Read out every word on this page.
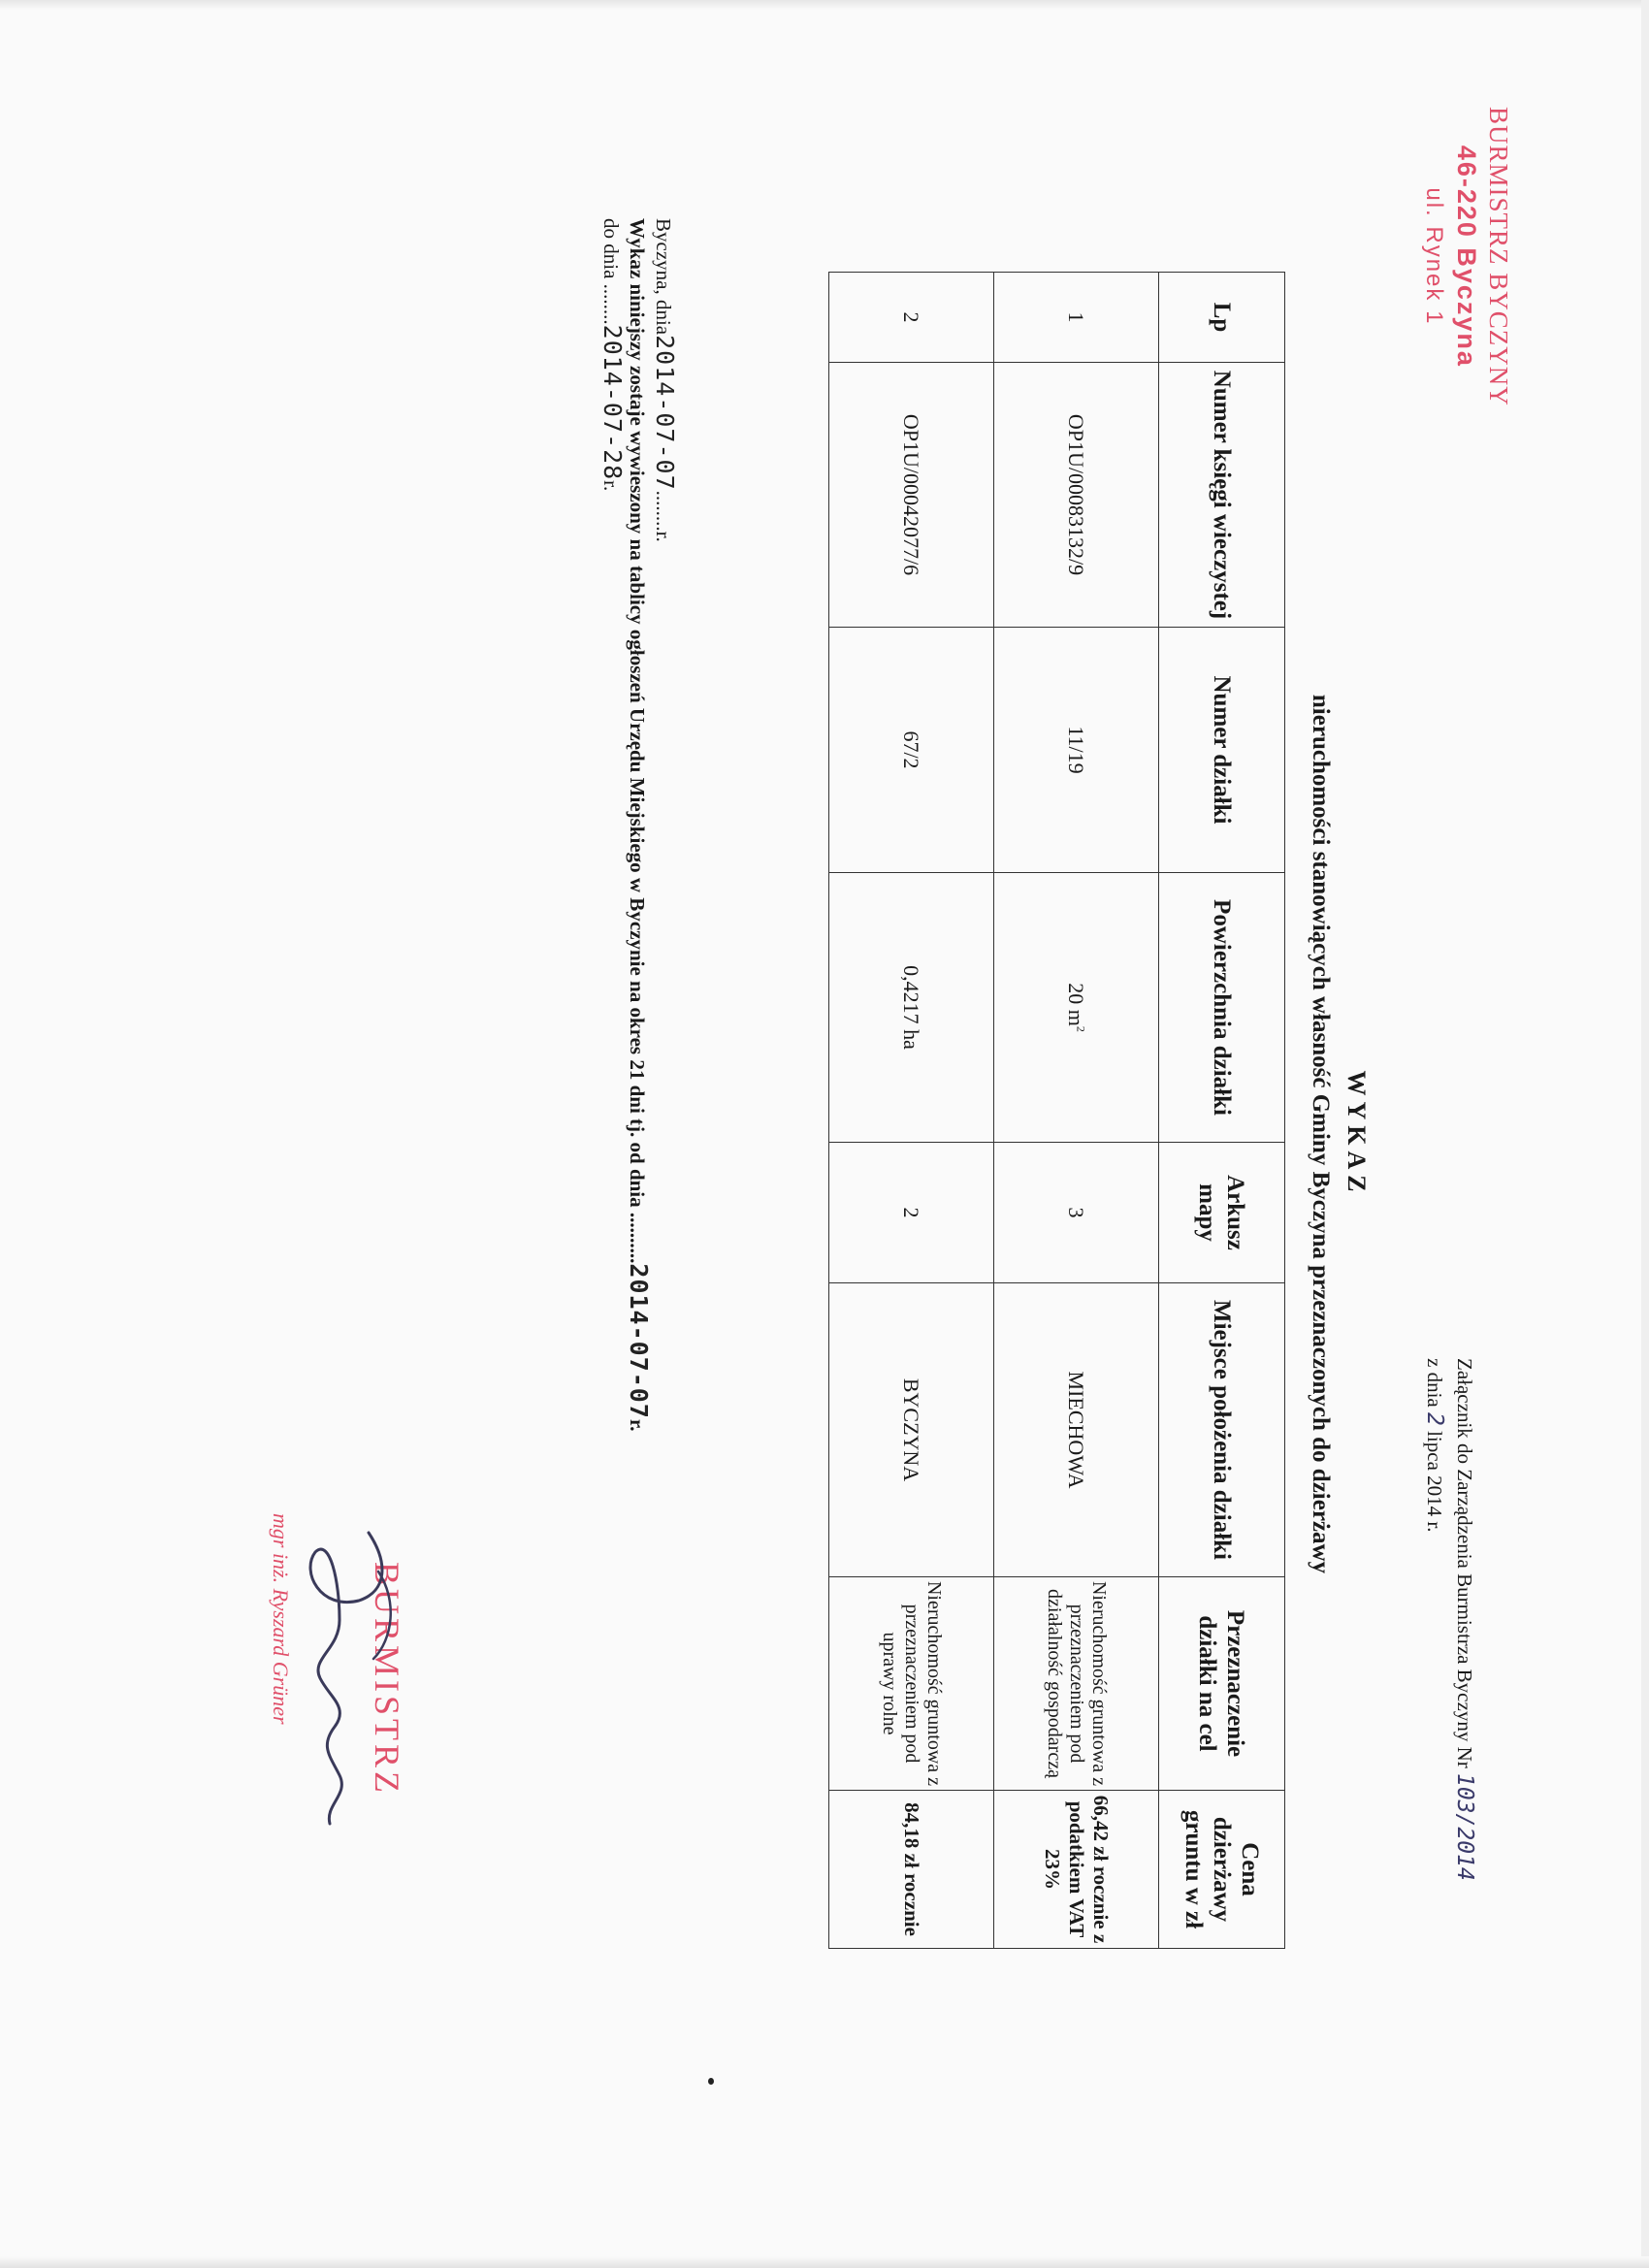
BURMISTRZ BYCZYNY
46-220 Byczyna
ul. Rynek 1
Załącznik do Zarządzenia Burmistrza Byczyny Nr 103/2014
z dnia 2 lipca 2014 r.
WYKAZ
nieruchomości stanowiących własność Gminy Byczyna przeznaczonych do dzierżawy
Lp	Numer księgi wieczystej	Numer działki	Powierzchnia działki	Arkusz mapy	Miejsce położenia działki	Przeznaczenie działki na cel	Cena dzierżawy gruntu w zł
1	OP1U/00083132/9	11/19	20 $m^2$	3	MIECHOWA	Nieruchomość gruntowa z przeznaczeniem pod działalność gospodarczą	66,42 zł rocznie z podatkiem VAT 23%
2	OP1U/00042077/6	67/2	0,4217 ha	2	BYCZYNA	Nieruchomość gruntowa z przeznaczeniem pod uprawy rolne	84,18 zł rocznie
Byczyna, dnia2014-07-07........r.
Wykaz niniejszy zostaje wywieszony na tablicy ogłoszeń Urzędu Miejskiego w Byczynie na okres 21 dni tj. od dnia ..........2014-07-07r.
do dnia ........2014-07-28r.
BURMISTRZ
mgr inż. Ryszard Grüner
